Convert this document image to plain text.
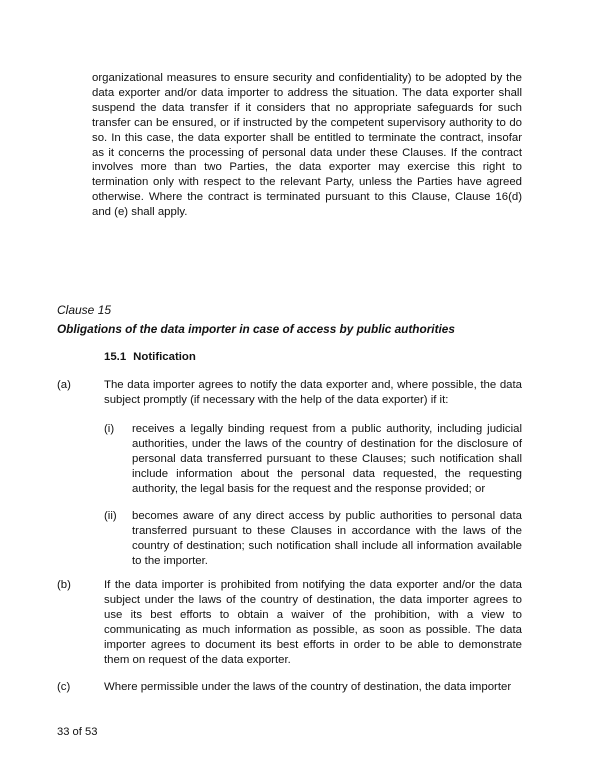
organizational measures to ensure security and confidentiality) to be adopted by the data exporter and/or data importer to address the situation. The data exporter shall suspend the data transfer if it considers that no appropriate safeguards for such transfer can be ensured, or if instructed by the competent supervisory authority to do so. In this case, the data exporter shall be entitled to terminate the contract, insofar as it concerns the processing of personal data under these Clauses. If the contract involves more than two Parties, the data exporter may exercise this right to termination only with respect to the relevant Party, unless the Parties have agreed otherwise. Where the contract is terminated pursuant to this Clause, Clause 16(d) and (e) shall apply.

Clause 15

Obligations of the data importer in case of access by public authorities

15.1 Notification

(a)	The data importer agrees to notify the data exporter and, where possible, the data subject promptly (if necessary with the help of the data exporter) if it:

(i) receives a legally binding request from a public authority, including judicial authorities, under the laws of the country of destination for the disclosure of personal data transferred pursuant to these Clauses; such notification shall include information about the personal data requested, the requesting authority, the legal basis for the request and the response provided; or

(ii) becomes aware of any direct access by public authorities to personal data transferred pursuant to these Clauses in accordance with the laws of the country of destination; such notification shall include all information available to the importer.

(b)	If the data importer is prohibited from notifying the data exporter and/or the data subject under the laws of the country of destination, the data importer agrees to use its best efforts to obtain a waiver of the prohibition, with a view to communicating as much information as possible, as soon as possible. The data importer agrees to document its best efforts in order to be able to demonstrate them on request of the data exporter.

(c)	Where permissible under the laws of the country of destination, the data importer

33 of 53
